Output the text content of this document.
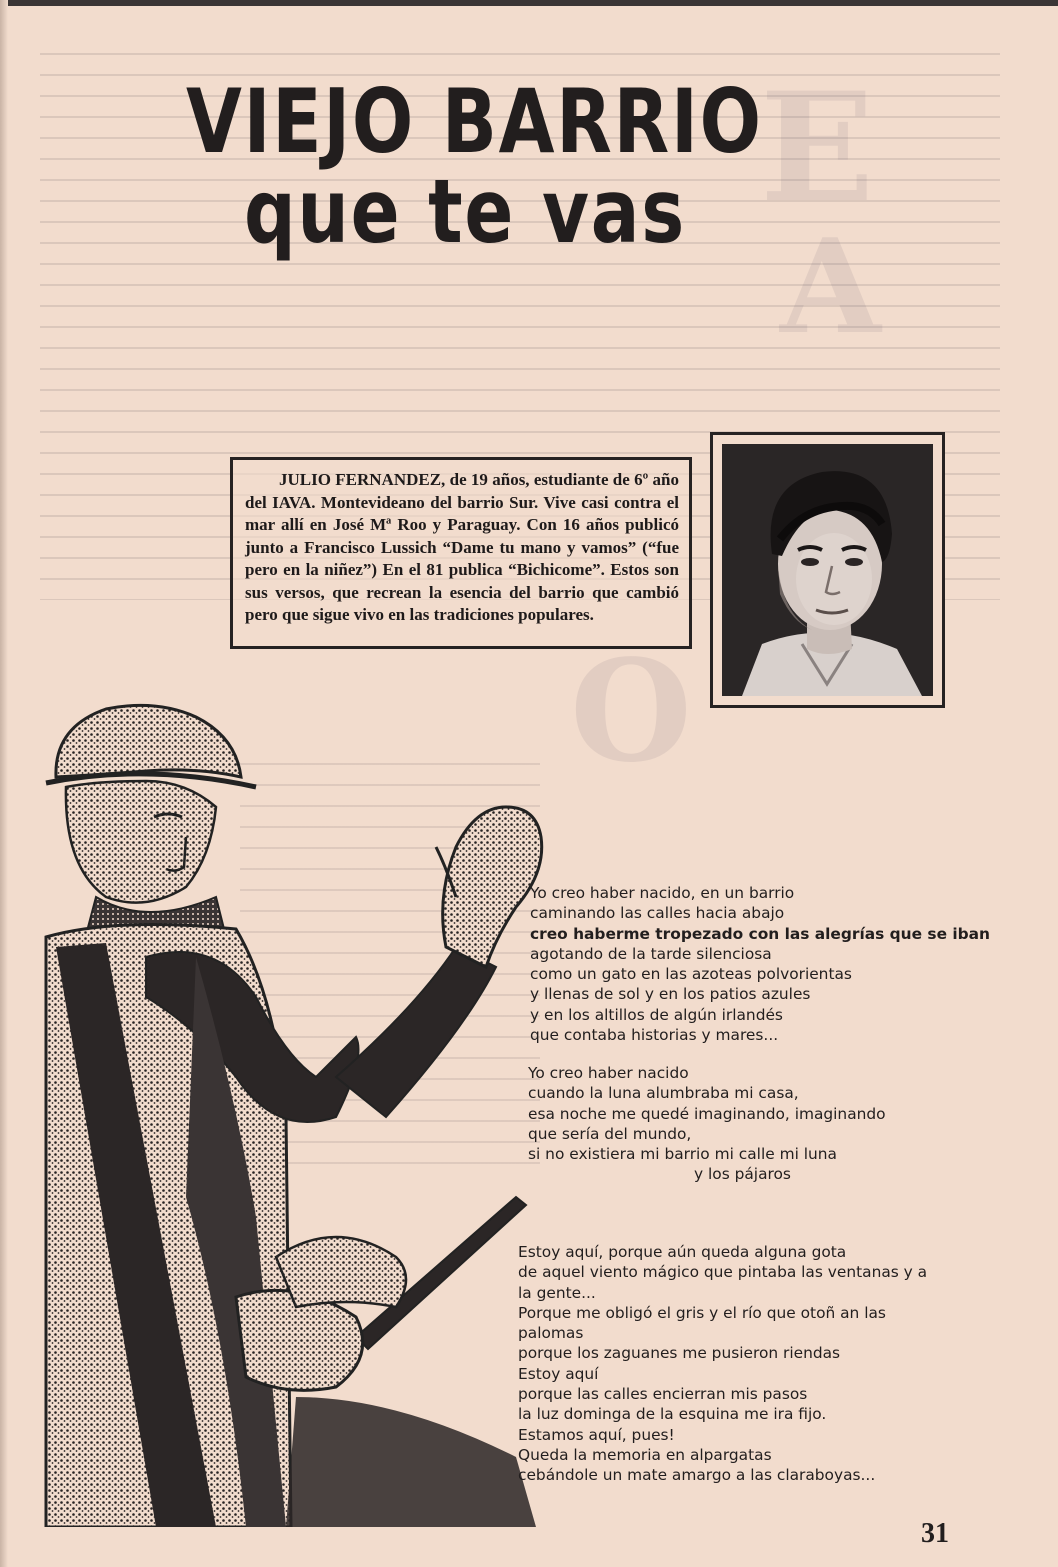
E
A
O
VIEJO BARRIO
que te vas

JULIO FERNANDEZ, de 19 años, estudiante de 6º año del IAVA. Montevideano del barrio Sur. Vive casi contra el mar allí en José Mª Roo y Paraguay. Con 16 años publicó junto a Francisco Lussich “Dame tu mano y vamos” (“fue pero en la niñez”) En el 81 publica “Bichicome”. Estos son sus versos, que recrean la esencia del barrio que cambió pero que sigue vivo en las tradiciones populares.

Yo creo haber nacido, en un barrio
caminando las calles hacia abajo
creo haberme tropezado con las alegrías que se iban
agotando de la tarde silenciosa
como un gato en las azoteas polvorientas
y llenas de sol y en los patios azules
y en los altillos de algún irlandés
que contaba historias y mares...
Yo creo haber nacido
cuando la luna alumbraba mi casa,
esa noche me quedé imaginando, imaginando
que sería del mundo,
si no existiera mi barrio mi calle mi luna
y los pájaros
Estoy aquí, porque aún queda alguna gota
de aquel viento mágico que pintaba las ventanas y a
la gente...
Porque me obligó el gris y el río que otoñ an las
palomas
porque los zaguanes me pusieron riendas
Estoy aquí
porque las calles encierran mis pasos
la luz dominga de la esquina me ira fijo.
Estamos aquí, pues!
Queda la memoria en alpargatas
cebándole un mate amargo a las claraboyas...
31
